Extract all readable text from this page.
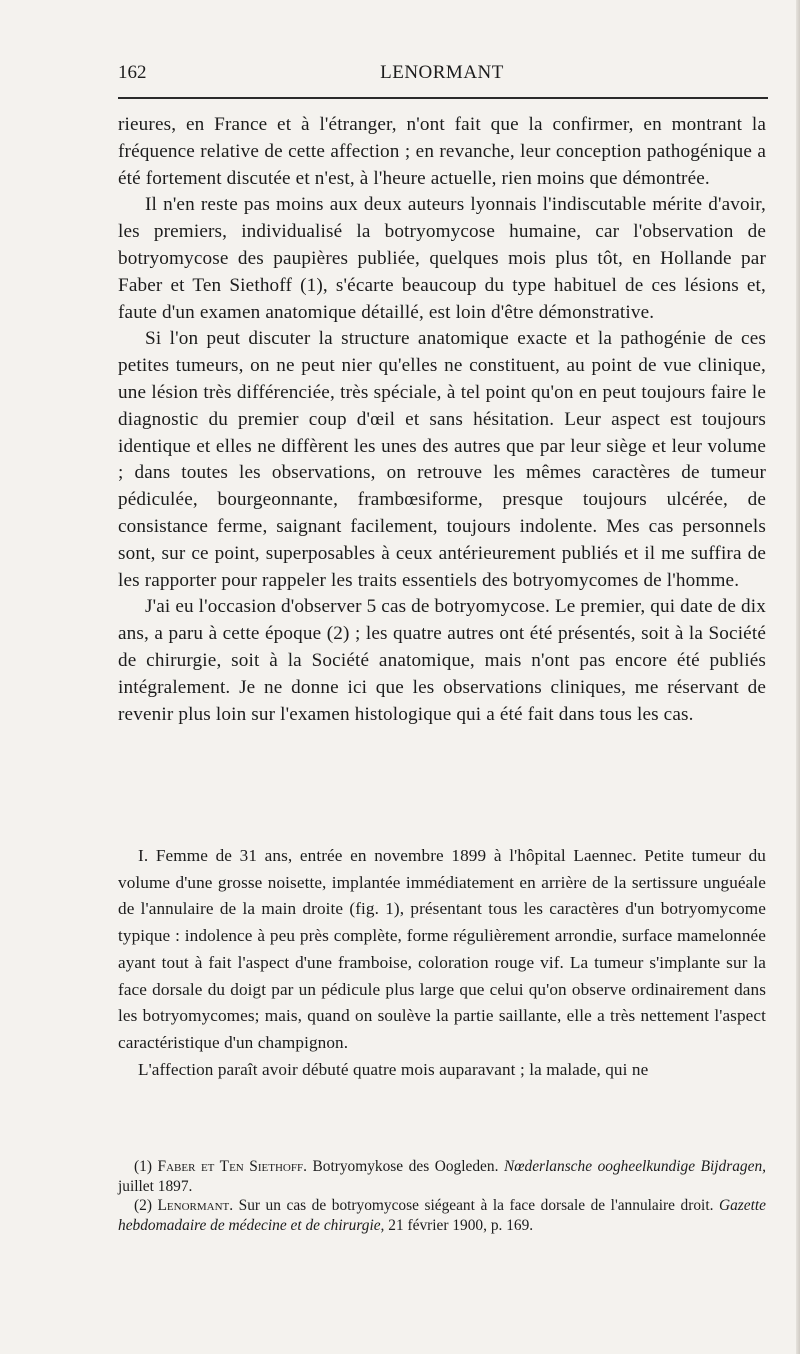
162	LENORMANT

rieures, en France et à l'étranger, n'ont fait que la confirmer, en montrant la fréquence relative de cette affection ; en revanche, leur conception pathogénique a été fortement discutée et n'est, à l'heure actuelle, rien moins que démontrée.

Il n'en reste pas moins aux deux auteurs lyonnais l'indiscutable mérite d'avoir, les premiers, individualisé la botryomycose humaine, car l'observation de botryomycose des paupières publiée, quelques mois plus tôt, en Hollande par Faber et Ten Siethoff (1), s'écarte beaucoup du type habituel de ces lésions et, faute d'un examen anatomique détaillé, est loin d'être démonstrative.

Si l'on peut discuter la structure anatomique exacte et la pathogénie de ces petites tumeurs, on ne peut nier qu'elles ne constituent, au point de vue clinique, une lésion très différenciée, très spéciale, à tel point qu'on en peut toujours faire le diagnostic du premier coup d'œil et sans hésitation. Leur aspect est toujours identique et elles ne diffèrent les unes des autres que par leur siège et leur volume ; dans toutes les observations, on retrouve les mêmes caractères de tumeur pédiculée, bourgeonnante, frambœsiforme, presque toujours ulcérée, de consistance ferme, saignant facilement, toujours indolente. Mes cas personnels sont, sur ce point, superposables à ceux antérieurement publiés et il me suffira de les rapporter pour rappeler les traits essentiels des botryomycomes de l'homme.

J'ai eu l'occasion d'observer 5 cas de botryomycose. Le premier, qui date de dix ans, a paru à cette époque (2) ; les quatre autres ont été présentés, soit à la Société de chirurgie, soit à la Société anatomique, mais n'ont pas encore été publiés intégralement. Je ne donne ici que les observations cliniques, me réservant de revenir plus loin sur l'examen histologique qui a été fait dans tous les cas.

I. Femme de 31 ans, entrée en novembre 1899 à l'hôpital Laennec. Petite tumeur du volume d'une grosse noisette, implantée immédiatement en arrière de la sertissure unguéale de l'annulaire de la main droite (fig. 1), présentant tous les caractères d'un botryomycome typique : indolence à peu près complète, forme régulièrement arrondie, surface mamelonnée ayant tout à fait l'aspect d'une framboise, coloration rouge vif. La tumeur s'implante sur la face dorsale du doigt par un pédicule plus large que celui qu'on observe ordinairement dans les botryomycomes; mais, quand on soulève la partie saillante, elle a très nettement l'aspect caractéristique d'un champignon.

L'affection paraît avoir débuté quatre mois auparavant ; la malade, qui ne

(1) Faber et Ten Siethoff. Botryomykose des Oogleden. Nœderlansche oogheelkundige Bijdragen, juillet 1897.

(2) Lenormant. Sur un cas de botryomycose siégeant à la face dorsale de l'annulaire droit. Gazette hebdomadaire de médecine et de chirurgie, 21 février 1900, p. 169.
